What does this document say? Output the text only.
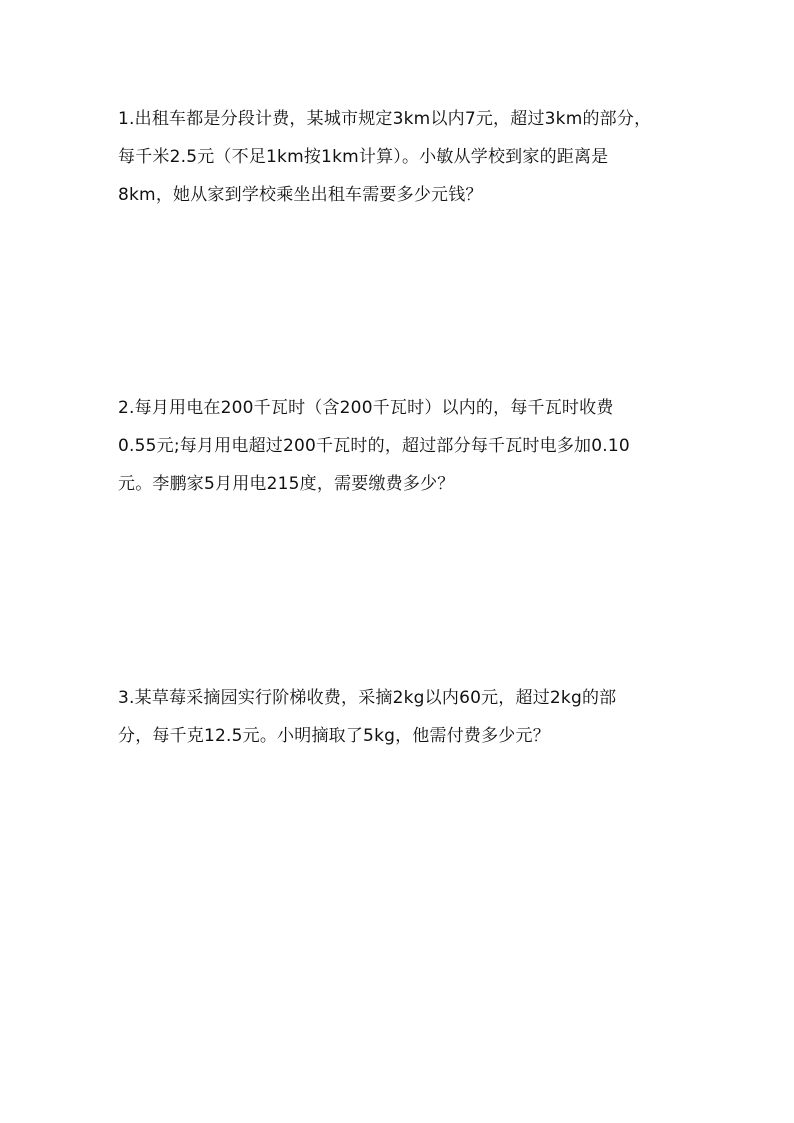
1.出租车都是分段计费，某城市规定3km以内7元，超过3km的部分，
每千米2.5元（不足1km按1km计算）。小敏从学校到家的距离是
8km，她从家到学校乘坐出租车需要多少元钱？
2.每月用电在200千瓦时（含200千瓦时）以内的，每千瓦时收费
0.55元;每月用电超过200千瓦时的，超过部分每千瓦时电多加0.10
元。李鹏家5月用电215度，需要缴费多少？
3.某草莓采摘园实行阶梯收费，采摘2kg以内60元，超过2kg的部
分，每千克12.5元。小明摘取了5kg，他需付费多少元？
